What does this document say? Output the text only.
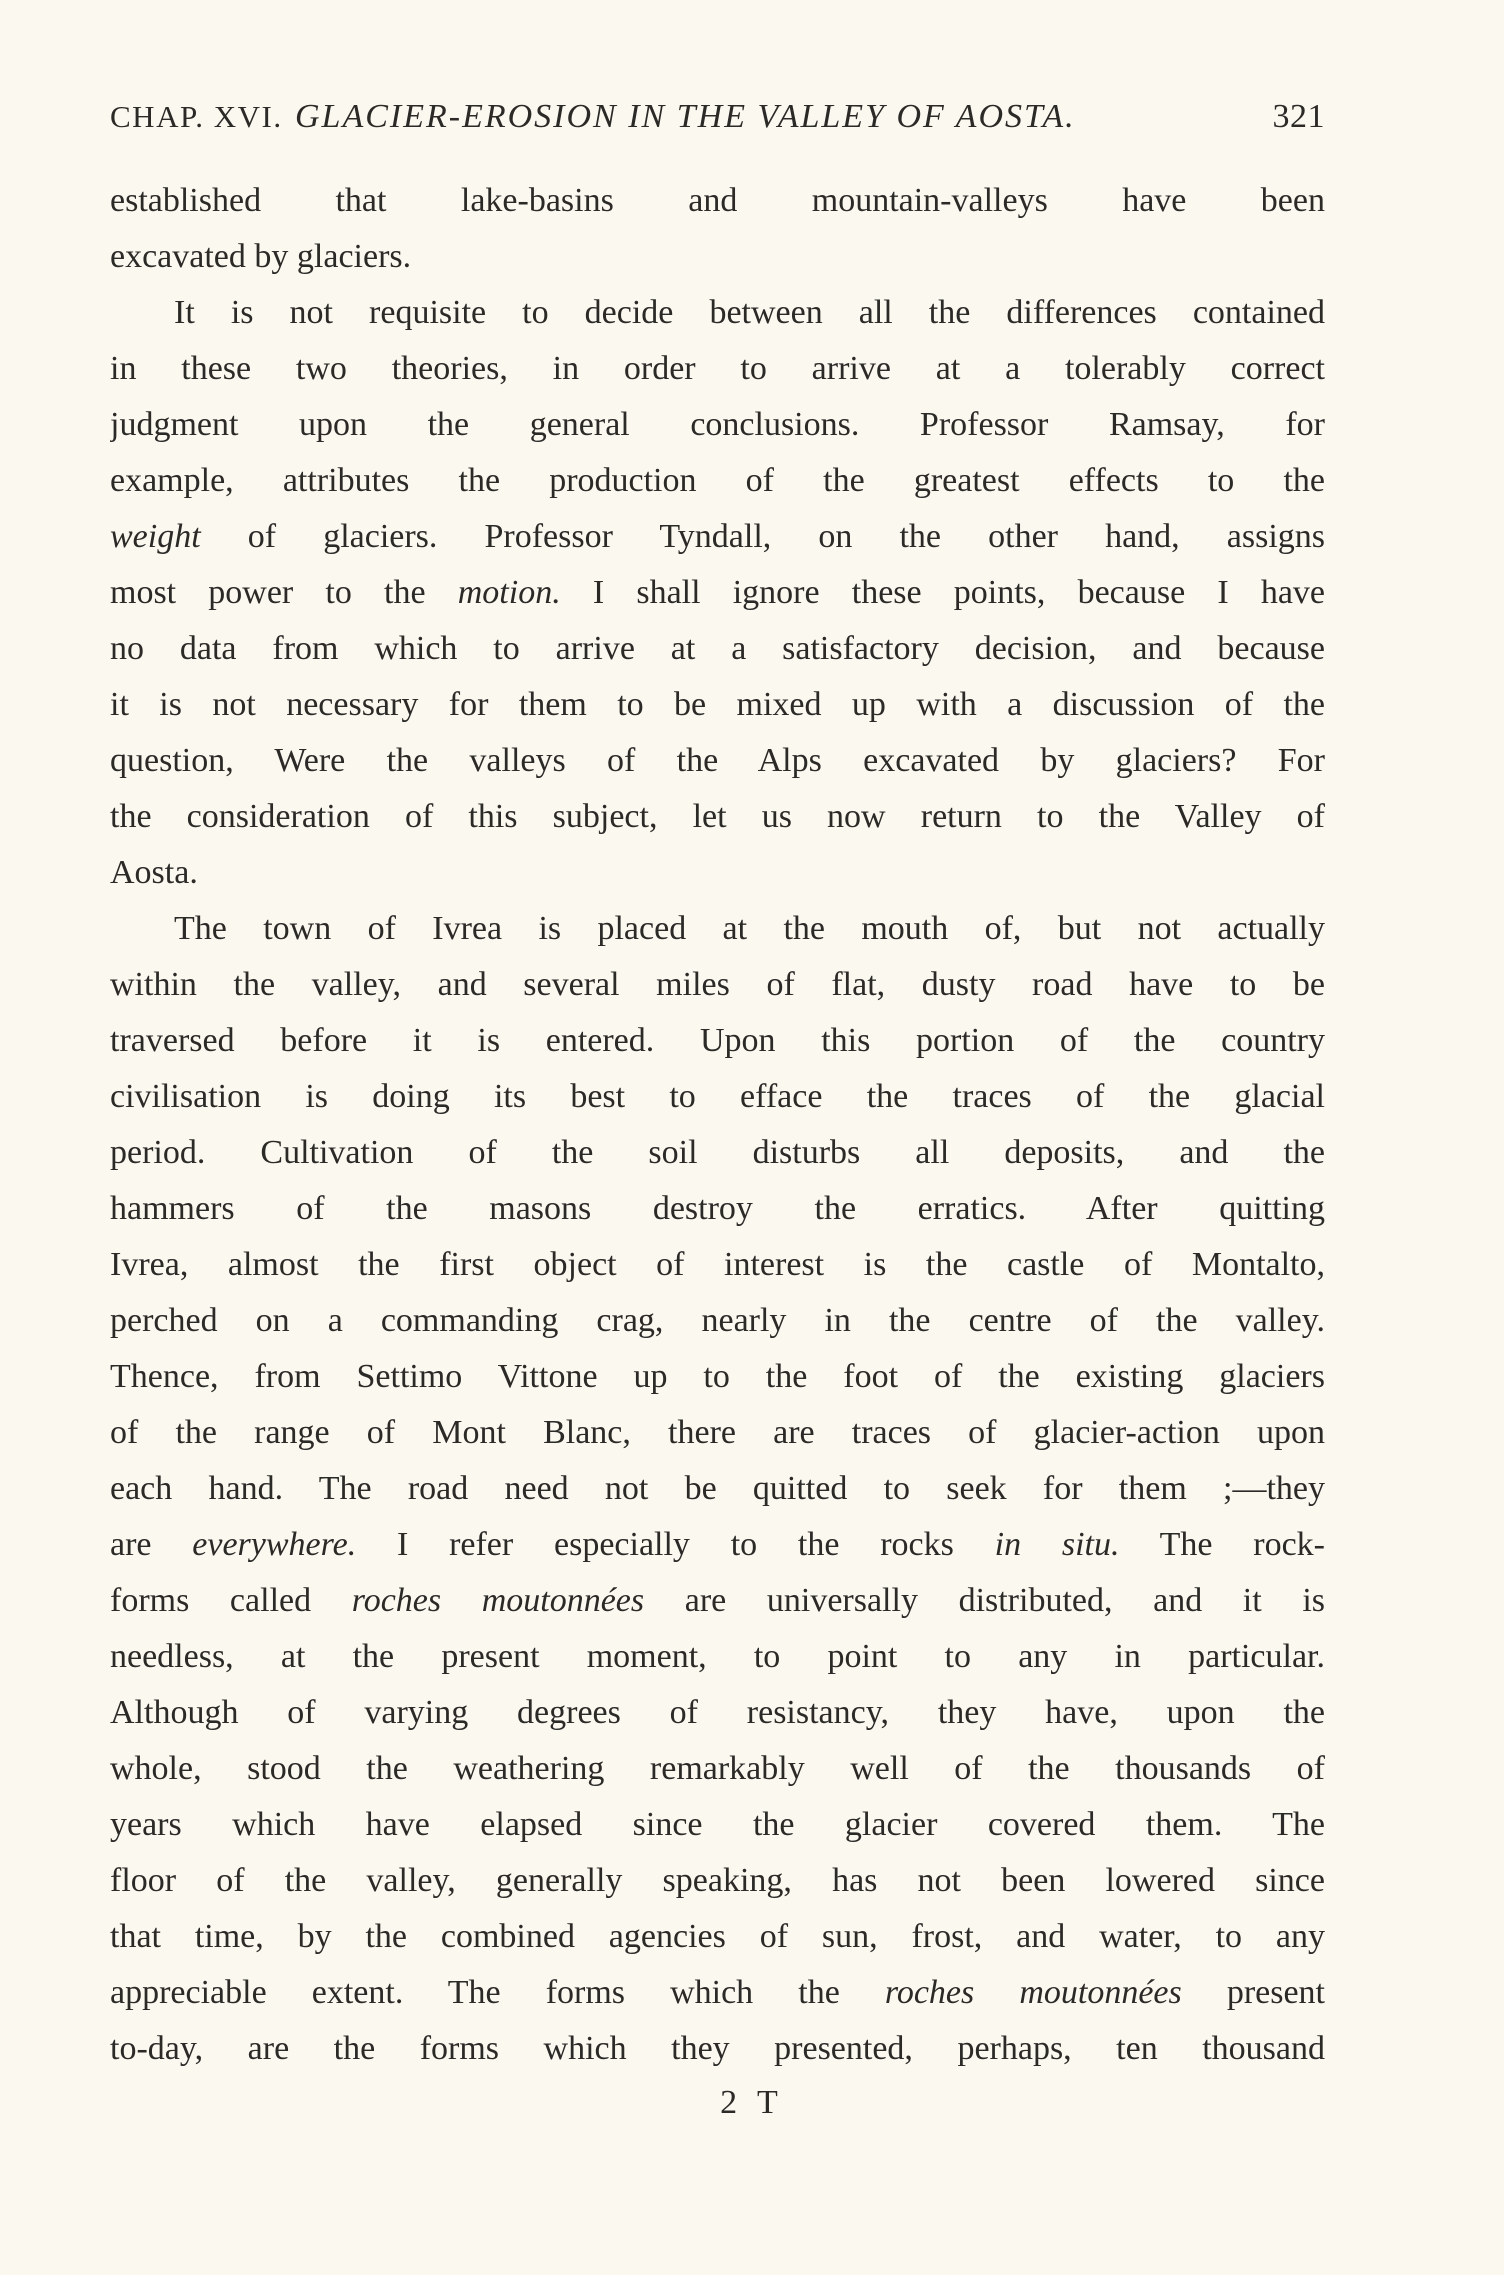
CHAP. XVI. GLACIER-EROSION IN THE VALLEY OF AOSTA.	321
established that lake-basins and mountain-valleys have been
excavated by glaciers.
It is not requisite to decide between all the differences contained
in these two theories, in order to arrive at a tolerably correct
judgment upon the general conclusions. Professor Ramsay, for
example, attributes the production of the greatest effects to the
weight of glaciers. Professor Tyndall, on the other hand, assigns
most power to the motion. I shall ignore these points, because I have
no data from which to arrive at a satisfactory decision, and because
it is not necessary for them to be mixed up with a discussion of the
question, Were the valleys of the Alps excavated by glaciers? For
the consideration of this subject, let us now return to the Valley of
Aosta.
The town of Ivrea is placed at the mouth of, but not actually
within the valley, and several miles of flat, dusty road have to be
traversed before it is entered. Upon this portion of the country
civilisation is doing its best to efface the traces of the glacial
period. Cultivation of the soil disturbs all deposits, and the
hammers of the masons destroy the erratics. After quitting
Ivrea, almost the first object of interest is the castle of Montalto,
perched on a commanding crag, nearly in the centre of the valley.
Thence, from Settimo Vittone up to the foot of the existing glaciers
of the range of Mont Blanc, there are traces of glacier-action upon
each hand. The road need not be quitted to seek for them ;—they
are everywhere. I refer especially to the rocks in situ. The rock-
forms called roches moutonnées are universally distributed, and it is
needless, at the present moment, to point to any in particular.
Although of varying degrees of resistancy, they have, upon the
whole, stood the weathering remarkably well of the thousands of
years which have elapsed since the glacier covered them. The
floor of the valley, generally speaking, has not been lowered since
that time, by the combined agencies of sun, frost, and water, to any
appreciable extent. The forms which the roches moutonnées present
to-day, are the forms which they presented, perhaps, ten thousand
2 T
